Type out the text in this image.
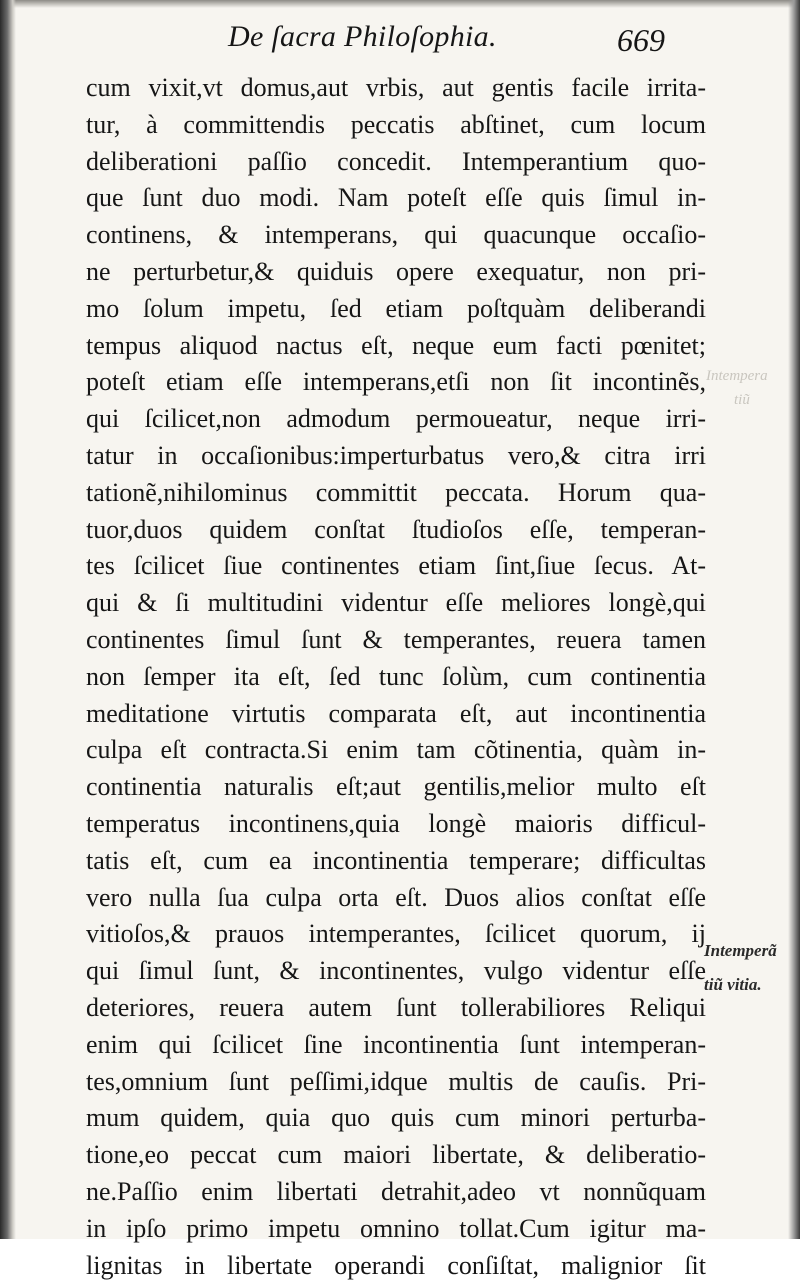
De ſacra Philoſophia.	669
Intempera
tiũ
cum vixit,vt domus,aut vrbis, aut gentis facile irrita-
tur, à committendis peccatis abſtinet, cum locum
deliberationi paſſio concedit. Intemperantium quo-
que ſunt duo modi. Nam poteſt eſſe quis ſimul in-
continens, & intemperans, qui quacunque occaſio-
ne perturbetur,& quiduis opere exequatur, non pri-
mo ſolum impetu, ſed etiam poſtquàm deliberandi
tempus aliquod nactus eſt, neque eum facti pœnitet;
poteſt etiam eſſe intemperans,etſi non ſit incontinẽs,
qui ſcilicet,non admodum permoueatur, neque irri-
tatur in occaſionibus:imperturbatus vero,& citra irri
tationẽ,nihilominus committit peccata. Horum qua-
tuor,duos quidem conſtat ſtudioſos eſſe, temperan-
tes ſcilicet ſiue continentes etiam ſint,ſiue ſecus. At-
qui & ſi multitudini videntur eſſe meliores longè,qui
continentes ſimul ſunt & temperantes, reuera tamen
non ſemper ita eſt, ſed tunc ſolùm, cum continentia
meditatione virtutis comparata eſt, aut incontinentia
culpa eſt contracta.Si enim tam cõtinentia, quàm in-
continentia naturalis eſt;aut gentilis,melior multo eſt
temperatus incontinens,quia longè maioris difficul-
tatis eſt, cum ea incontinentia temperare; difficultas
vero nulla ſua culpa orta eſt. Duos alios conſtat eſſe
vitioſos,& prauos intemperantes, ſcilicet quorum, ij
qui ſimul ſunt, & incontinentes, vulgo videntur eſſe
deteriores, reuera autem ſunt tollerabiliores Reliqui
enim qui ſcilicet ſine incontinentia ſunt intemperan-
tes,omnium ſunt peſſimi,idque multis de cauſis. Pri-
mum quidem, quia quo quis cum minori perturba-
tione,eo peccat cum maiori libertate, & deliberatio-
ne.Paſſio enim libertati detrahit,adeo vt nonnũquam
in ipſo primo impetu omnino tollat.Cum igitur ma-
lignitas in libertate operandi conſiſtat, malignior ſit
Intemperã
tiũ vitia.
